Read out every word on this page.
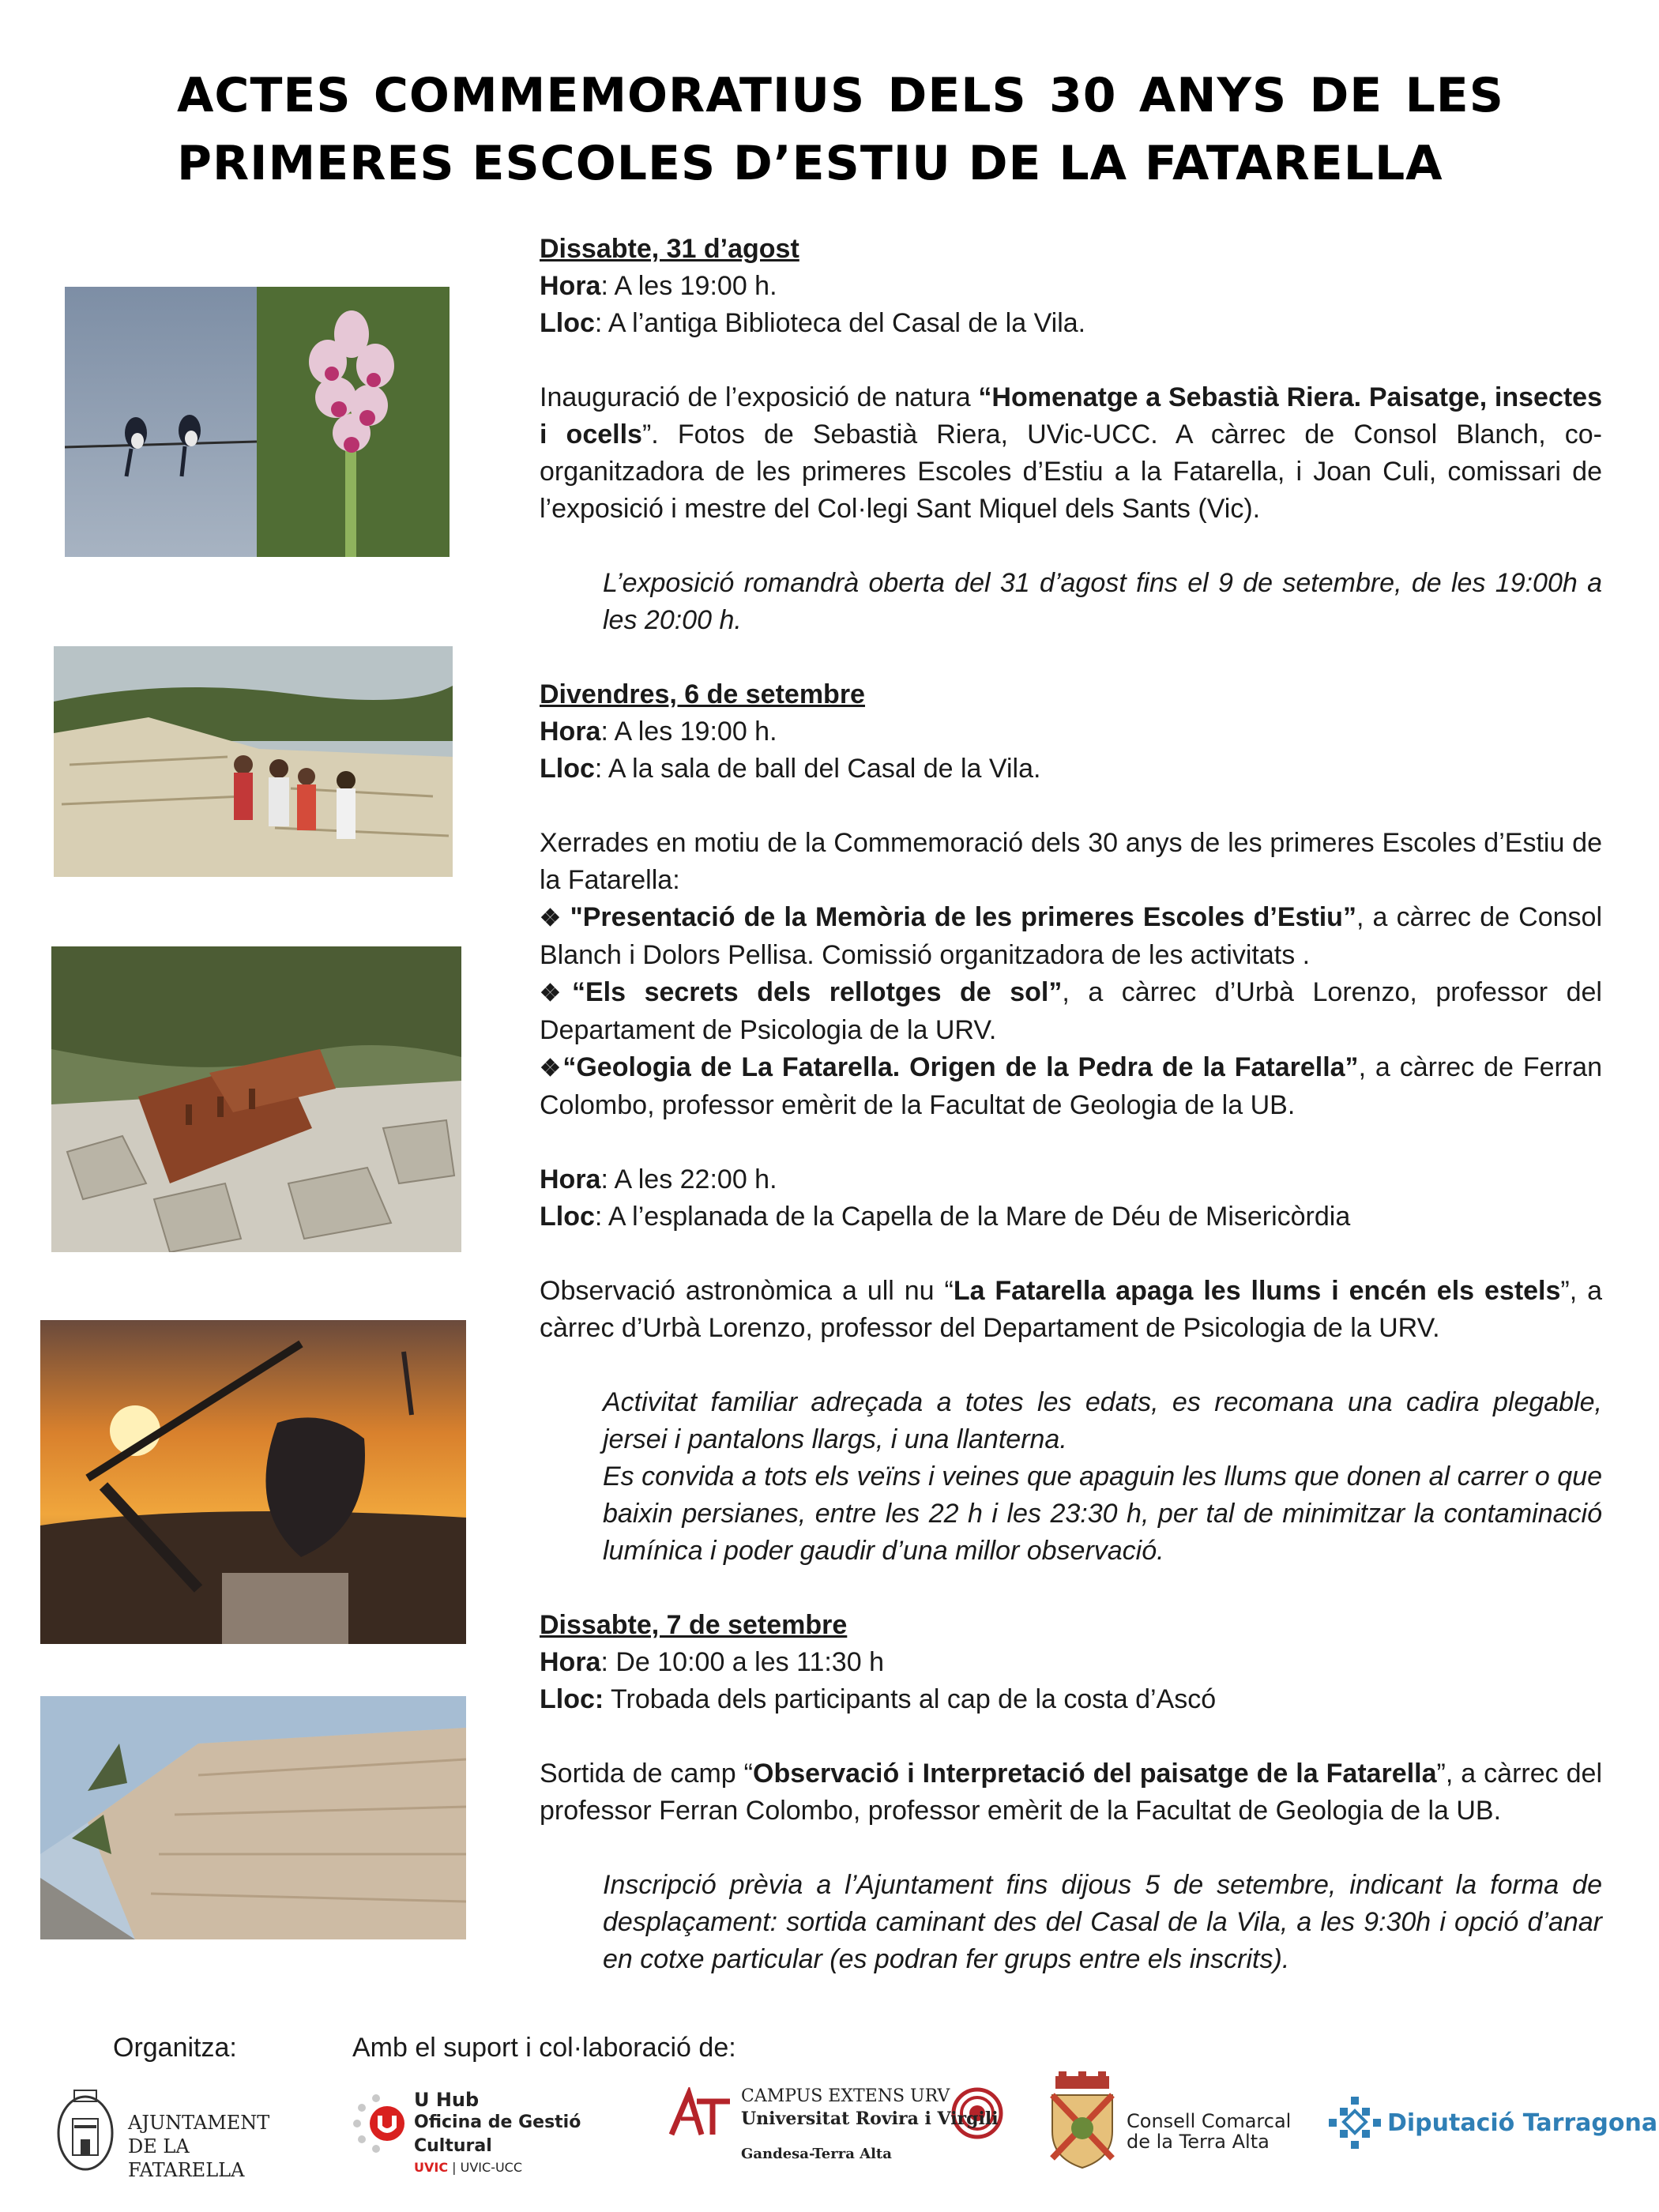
ACTES COMMEMORATIUS DELS 30 ANYS DE LES PRIMERES ESCOLES D’ESTIU DE LA FATARELLA

Dissabte, 31 d’agost

Hora: A les 19:00 h.

Lloc: A l’antiga Biblioteca del Casal de la Vila.

Inauguració de l’exposició de natura “Homenatge a Sebastià Riera. Paisatge, insectes i ocells”. Fotos de Sebastià Riera, UVic-UCC. A càrrec de Consol Blanch, co-organitzadora de les primeres Escoles d’Estiu a la Fatarella, i Joan Culi, comissari de l’exposició i mestre del Col·legi Sant Miquel dels Sants (Vic).

L’exposició romandrà oberta del 31 d’agost fins el 9 de setembre, de les 19:00h a les 20:00 h.

Divendres, 6 de setembre

Hora: A les 19:00 h.

Lloc: A la sala de ball del Casal de la Vila.

Xerrades en motiu de la Commemoració dels 30 anys de les primeres Escoles d’Estiu de la Fatarella:

❖ "Presentació de la Memòria de les primeres Escoles d’Estiu”, a càrrec de Consol Blanch i Dolors Pellisa. Comissió organitzadora de les activitats .

❖“Els secrets dels rellotges de sol”, a càrrec d’Urbà Lorenzo, professor del Departament de Psicologia de la URV.

❖“Geologia de La Fatarella. Origen de la Pedra de la Fatarella”, a càrrec de Ferran Colombo, professor emèrit de la Facultat de Geologia de la UB.

Hora: A les 22:00 h.

Lloc: A l’esplanada de la Capella de la Mare de Déu de Misericòrdia

Observació astronòmica a ull nu “La Fatarella apaga les llums i encén els estels”, a càrrec d’Urbà Lorenzo, professor del Departament de Psicologia de la URV.

Activitat familiar adreçada a totes les edats, es recomana una cadira plegable, jersei i pantalons llargs, i una llanterna.

Es convida a tots els veïns i veines que apaguin les llums que donen al carrer o que baixin persianes, entre les 22 h i les 23:30 h, per tal de minimitzar la contaminació lumínica i poder gaudir d’una millor observació.

Dissabte, 7 de setembre

Hora: De 10:00 a les 11:30 h

Lloc: Trobada dels participants al cap de la costa d’Ascó

Sortida de camp “Observació i Interpretació del paisatge de la Fatarella”, a càrrec del professor Ferran Colombo, professor emèrit de la Facultat de Geologia de la UB.

Inscripció prèvia a l’Ajuntament fins dijous 5 de setembre, indicant la forma de desplaçament: sortida caminant des del Casal de la Vila, a les 9:30h i opció d’anar en cotxe particular (es podran fer grups entre els inscrits).

Organitza:	Amb el suport i col·laboració de:
AJUNTAMENT
DE LA FATARELLA
U Hub
Oficina de Gestió Cultural
UVIC | UVIC-UCC
CAMPUS EXTENS URV
Universitat Rovira i Virgili
Gandesa-Terra Alta
Consell Comarcal
de la Terra Alta
Diputació Tarragona
